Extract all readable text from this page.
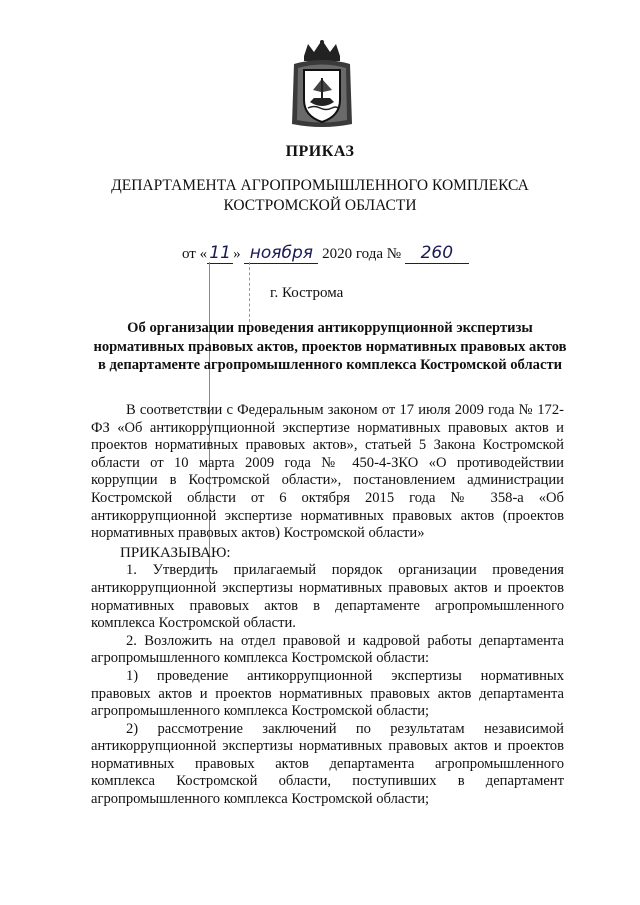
ПРИКАЗ
ДЕПАРТАМЕНТА АГРОПРОМЫШЛЕННОГО КОМПЛЕКСА
КОСТРОМСКОЙ ОБЛАСТИ
от « 11 » ноября 2020 года № 260
г. Кострома
Об организации проведения антикоррупционной экспертизы нормативных правовых актов, проектов нормативных правовых актов в департаменте агропромышленного комплекса Костромской области

В соответствии с Федеральным законом от 17 июля 2009 года № 172-ФЗ «Об антикоррупционной экспертизе нормативных правовых актов и проектов нормативных правовых актов», статьей 5 Закона Костромской области от 10 марта 2009 года № 450-4-ЗКО «О противодействии коррупции в Костромской области», постановлением администрации Костромской области от 6 октября 2015 года № 358-а «Об антикоррупционной экспертизе нормативных правовых актов (проектов нормативных правовых актов) Костромской области»

ПРИКАЗЫВАЮ:

1. Утвердить прилагаемый порядок организации проведения антикоррупционной экспертизы нормативных правовых актов и проектов нормативных правовых актов в департаменте агропромышленного комплекса Костромской области.

2. Возложить на отдел правовой и кадровой работы департамента агропромышленного комплекса Костромской области:

1) проведение антикоррупционной экспертизы нормативных правовых актов и проектов нормативных правовых актов департамента агропромышленного комплекса Костромской области;

2) рассмотрение заключений по результатам независимой антикоррупционной экспертизы нормативных правовых актов и проектов нормативных правовых актов департамента агропромышленного комплекса Костромской области, поступивших в департамент агропромышленного комплекса Костромской области;
